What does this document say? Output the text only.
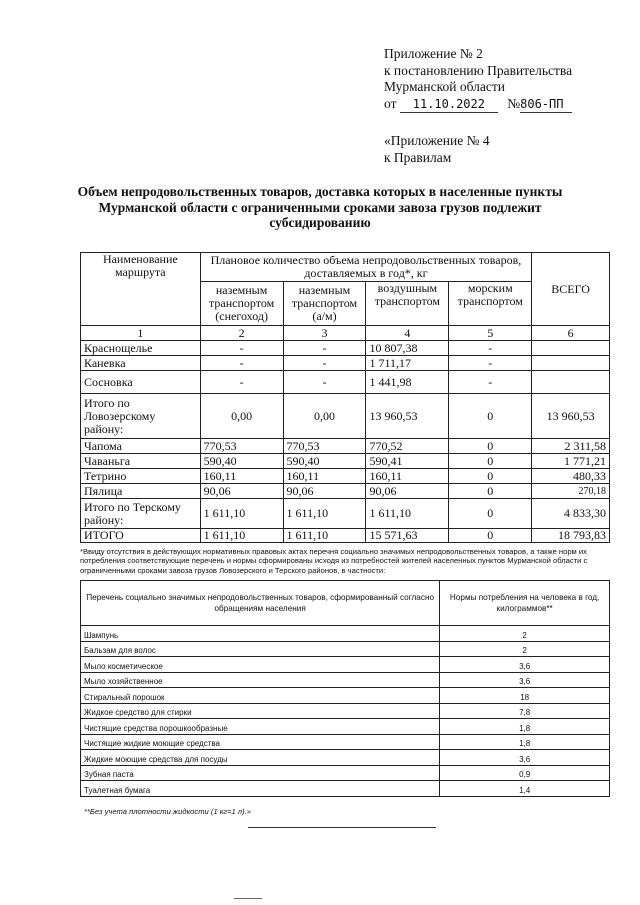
Приложение № 2
к постановлению Правительства
Мурманской области
от 11.10.2022 №806-ПП
«Приложение № 4
к Правилам
Объем непродовольственных товаров, доставка которых в населенные пункты Мурманской области с ограниченными сроками завоза грузов подлежит субсидированию
Наименование маршрута	Плановое количество объема непродовольственных товаров, доставляемых в год*, кг				ВСЕГО
	наземным транспортом (снегоход)	наземным транспортом (а/м)	воздушным транспортом	морским транспортом	
1	2	3	4	5	6
Краснощелье	-	-	10 807,38	-	
Каневка	-	-	1 711,17	-	
Сосновка	-	-	1 441,98	-	
Итого по Ловозерскому району:	0,00	0,00	13 960,53	0	13 960,53
Чапома	770,53	770,53	770,52	0	2 311,58
Чаваньга	590,40	590,40	590,41	0	1 771,21
Тетрино	160,11	160,11	160,11	0	480,33
Пялица	90,06	90,06	90,06	0	270,18
Итого по Терскому району:	1 611,10	1 611,10	1 611,10	0	4 833,30
ИТОГО	1 611,10	1 611,10	15 571,63	0	18 793,83
*Ввиду отсутствия в действующих нормативных правовых актах перечня социально значимых непродовольственных товаров, а также норм их потребления соответствующие перечень и нормы сформированы исходя из потребностей жителей населенных пунктов Мурманской области с ограниченными сроками завоза грузов Ловозерского и Терского районов, в частности:
Перечень социально значимых непродовольственных товаров, сформированный согласно обращениям населения	Нормы потребления на человека в год, килограммов**
Шампунь	2
Бальзам для волос	2
Мыло косметическое	3,6
Мыло хозяйственное	3,6
Стиральный порошок	18
Жидкое средство для стирки	7,8
Чистящие средства порошкообразные	1,8
Чистящие жидкие моющие средства	1,8
Жидкие моющие средства для посуды	3,6
Зубная паста	0,9
Туалетная бумага	1,4
**Без учета плотности жидкости (1 кг=1 л).»
